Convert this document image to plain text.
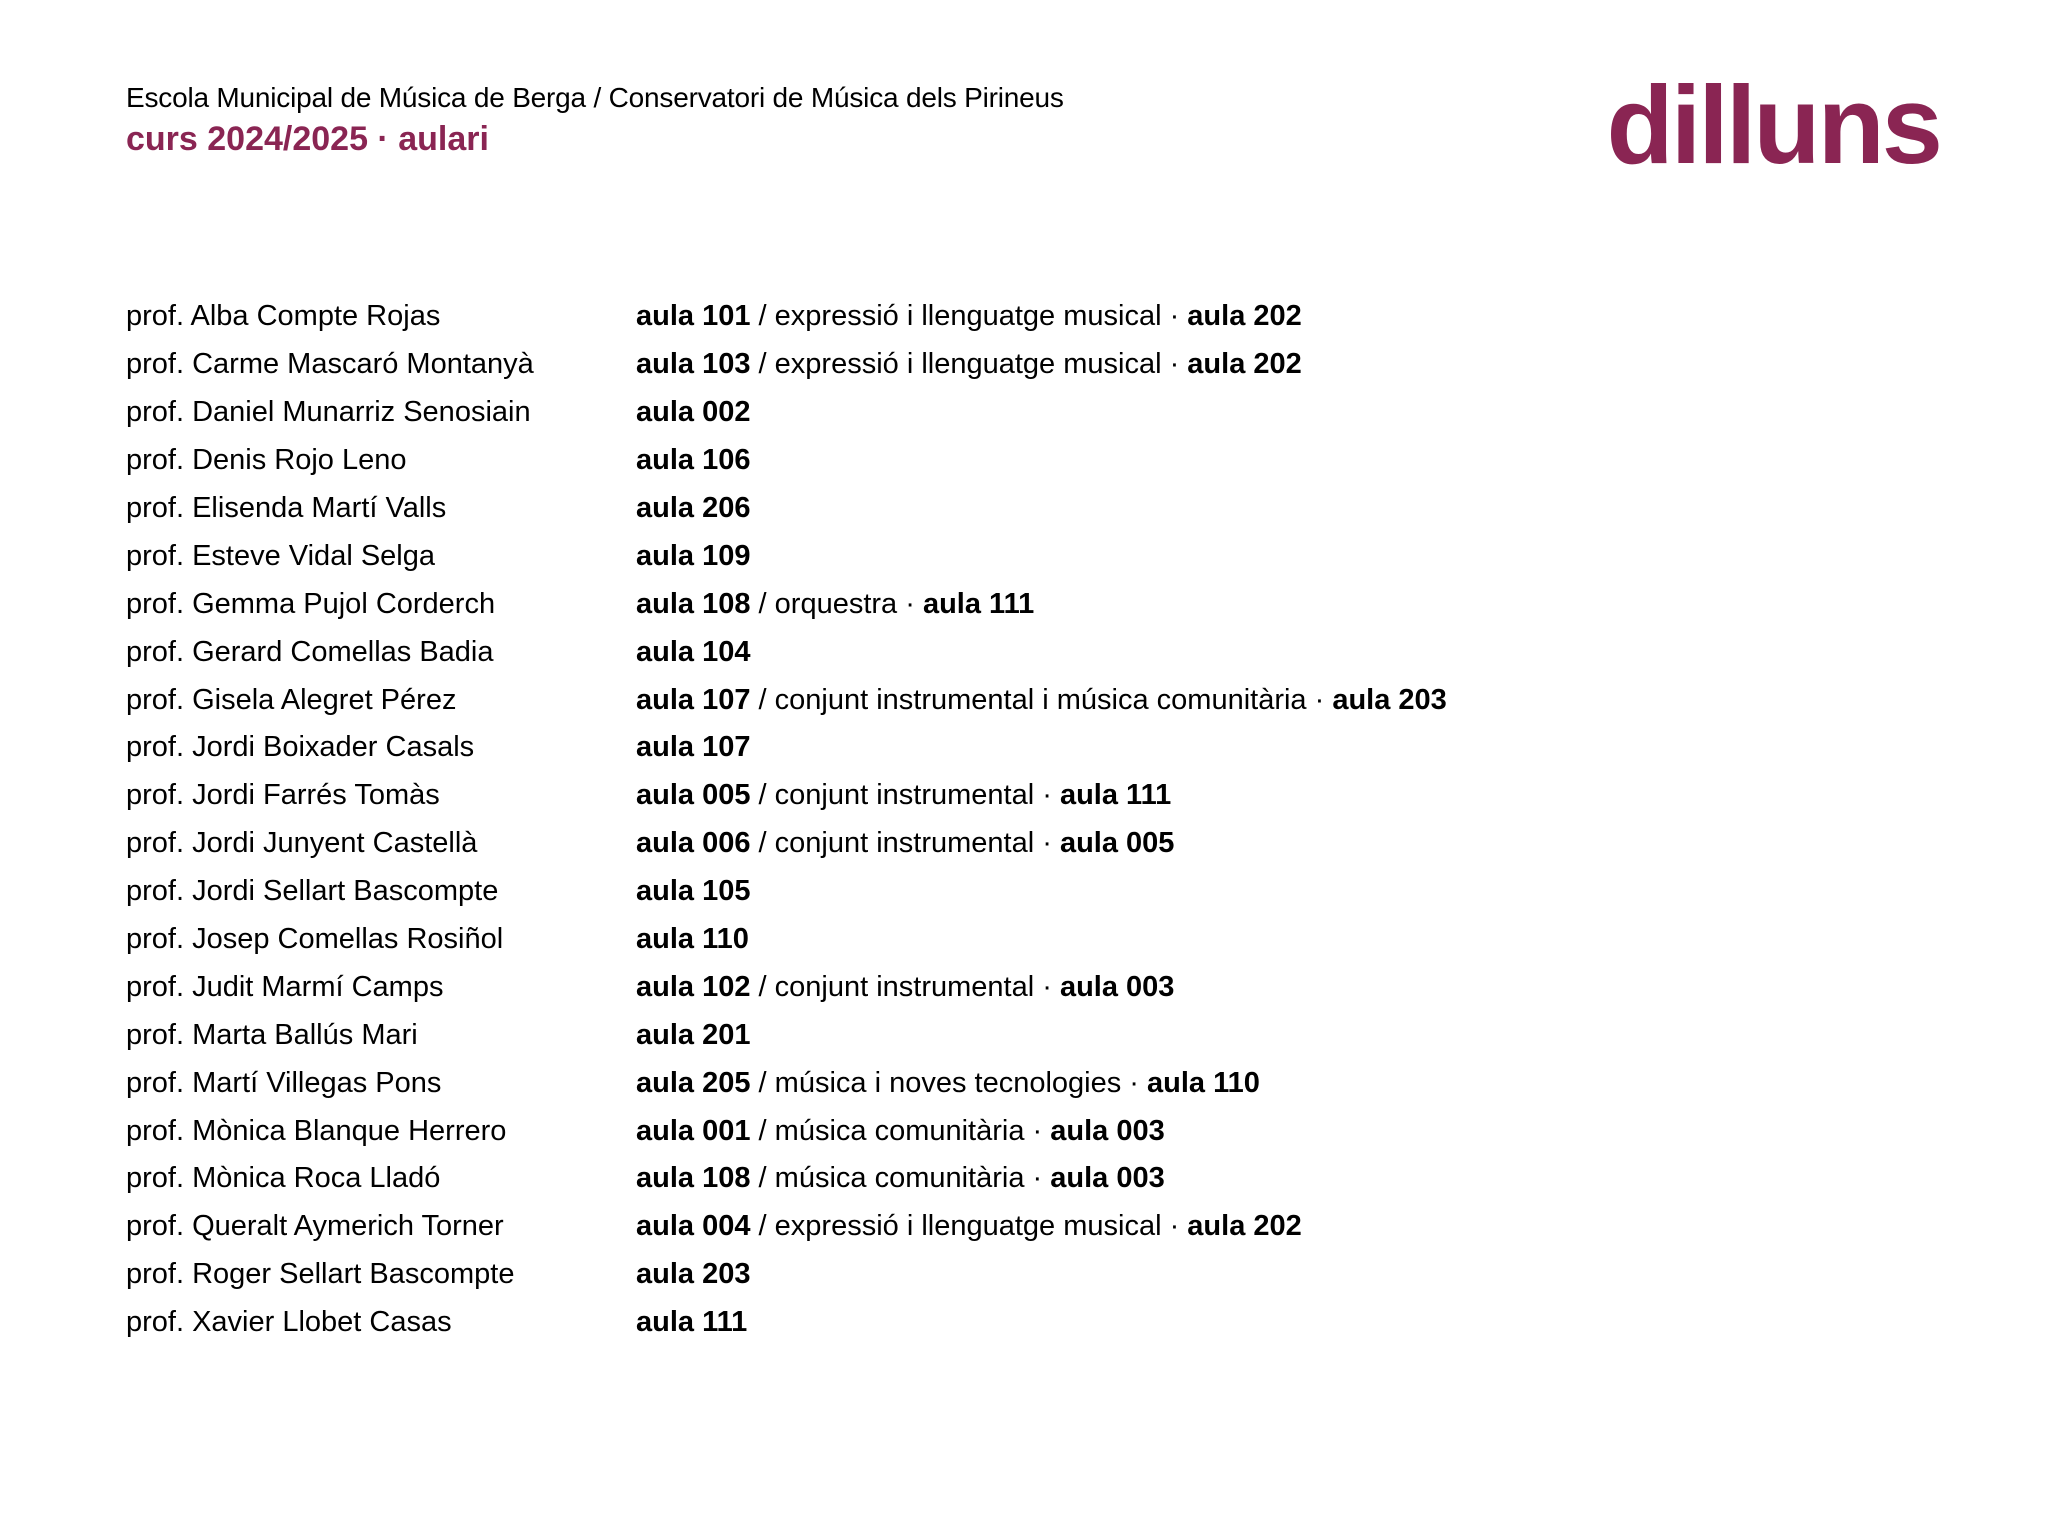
Escola Municipal de Música de Berga / Conservatori de Música dels Pirineus
curs 2024/2025 · aulari	dilluns
prof. Alba Compte Rojas	aula 101 / expressió i llenguatge musical · aula 202
prof. Carme Mascaró Montanyà	aula 103 / expressió i llenguatge musical · aula 202
prof. Daniel Munarriz Senosiain	aula 002
prof. Denis Rojo Leno	aula 106
prof. Elisenda Martí Valls	aula 206
prof. Esteve Vidal Selga	aula 109
prof. Gemma Pujol Corderch	aula 108 / orquestra · aula 111
prof. Gerard Comellas Badia	aula 104
prof. Gisela Alegret Pérez	aula 107 / conjunt instrumental i música comunitària · aula 203
prof. Jordi Boixader Casals	aula 107
prof. Jordi Farrés Tomàs	aula 005 / conjunt instrumental · aula 111
prof. Jordi Junyent Castellà	aula 006 / conjunt instrumental · aula 005
prof. Jordi Sellart Bascompte	aula 105
prof. Josep Comellas Rosiñol	aula 110
prof. Judit Marmí Camps	aula 102 / conjunt instrumental · aula 003
prof. Marta Ballús Mari	aula 201
prof. Martí Villegas Pons	aula 205 / música i noves tecnologies · aula 110
prof. Mònica Blanque Herrero	aula 001 / música comunitària · aula 003
prof. Mònica Roca Lladó	aula 108 / música comunitària · aula 003
prof. Queralt Aymerich Torner	aula 004 / expressió i llenguatge musical · aula 202
prof. Roger Sellart Bascompte	aula 203
prof. Xavier Llobet Casas	aula 111
